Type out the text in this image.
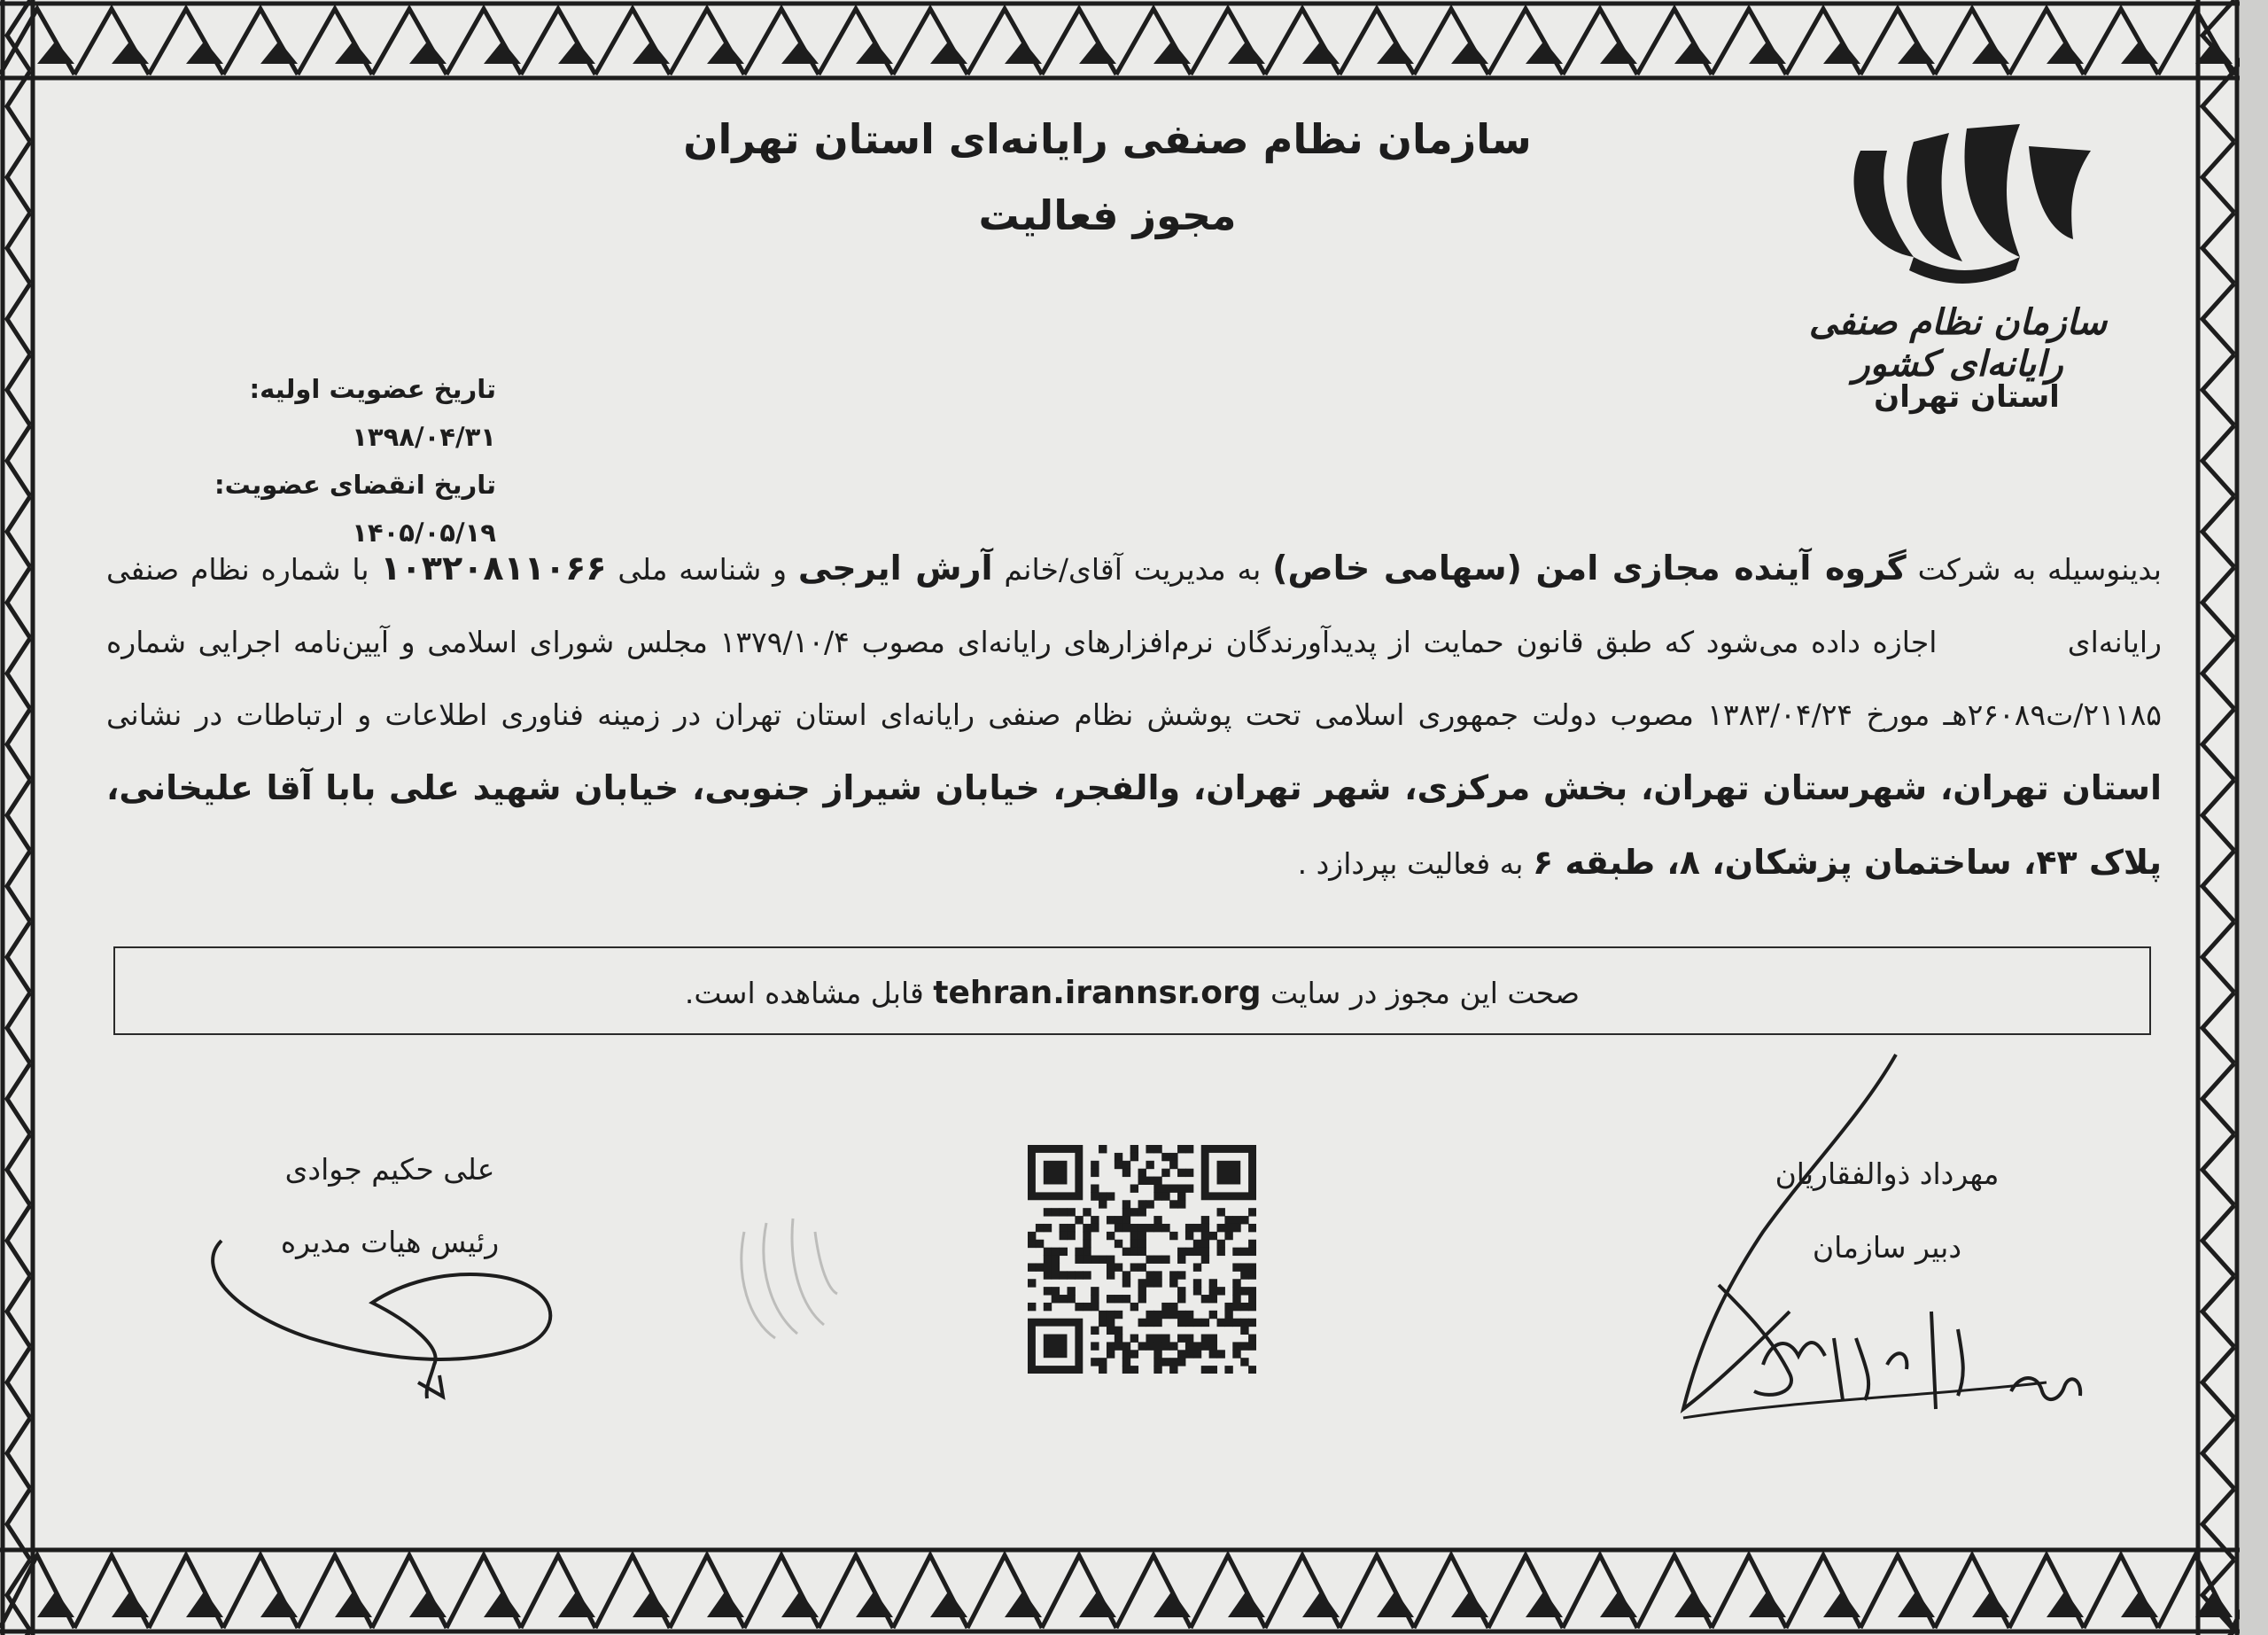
سازمان نظام صنفی رایانه‌ای استان تهران
مجوز فعالیت
سازمان نظام صنفی رایانه‌ای کشور
استان تهران
تاریخ عضویت اولیه: ۱۳۹۸/۰۴/۳۱
تاریخ انقضای عضویت: ۱۴۰۵/۰۵/۱۹
بدینوسیله به شرکت گروه آینده مجازی امن (سهامی خاص) به مدیریت آقای/خانم آرش ایرجی و شناسه ملی ۱۰۳۲۰۸۱۱۰۶۶ با شماره نظام صنفی رایانه‌ای  اجازه داده می‌شود که طبق قانون حمایت از پدیدآورندگان نرم‌افزارهای رایانه‌ای مصوب ۱۳۷۹/۱۰/۴ مجلس شورای اسلامی و آیین‌نامه اجرایی شماره ۲۱۱۸۵/ت۲۶۰۸۹هـ مورخ ۱۳۸۳/۰۴/۲۴ مصوب دولت جمهوری اسلامی تحت پوشش نظام صنفی رایانه‌ای استان تهران در زمینه فناوری اطلاعات و ارتباطات در نشانی استان تهران، شهرستان تهران، بخش مرکزی، شهر تهران، والفجر، خیابان شیراز جنوبی، خیابان شهید علی بابا آقا علیخانی، پلاک ۴۳، ساختمان پزشکان، ۸، طبقه ۶ به فعالیت بپردازد .
صحت این مجوز در سایت tehran.irannsr.org قابل مشاهده است.
علی حکیم جوادی
رئیس هیات مدیره
مهرداد ذوالفقاریان
دبیر سازمان
